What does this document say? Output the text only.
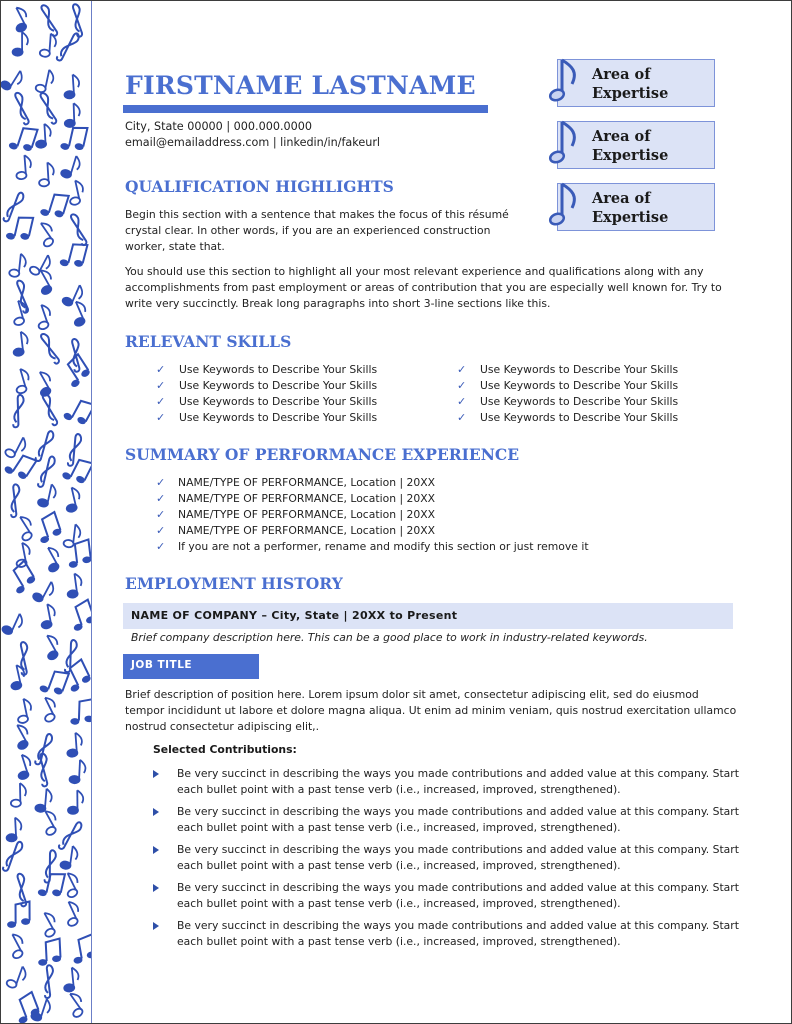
FIRSTNAME LASTNAME
City, State 00000 | 000.000.0000
email@emailaddress.com | linkedin/in/fakeurl
Area of
Expertise
Area of
Expertise
Area of
Expertise
QUALIFICATION HIGHLIGHTS
Begin this section with a sentence that makes the focus of this résumé
crystal clear. In other words, if you are an experienced construction
worker, state that.
You should use this section to highlight all your most relevant experience and qualifications along with any
accomplishments from past employment or areas of contribution that you are especially well known for. Try to
write very succinctly. Break long paragraphs into short 3-line sections like this.
RELEVANT SKILLS
✓ Use Keywords to Describe Your Skills
✓ Use Keywords to Describe Your Skills
✓ Use Keywords to Describe Your Skills
✓ Use Keywords to Describe Your Skills
✓ Use Keywords to Describe Your Skills
✓ Use Keywords to Describe Your Skills
✓ Use Keywords to Describe Your Skills
✓ Use Keywords to Describe Your Skills
SUMMARY OF PERFORMANCE EXPERIENCE
✓ NAME/TYPE OF PERFORMANCE, Location | 20XX
✓ NAME/TYPE OF PERFORMANCE, Location | 20XX
✓ NAME/TYPE OF PERFORMANCE, Location | 20XX
✓ NAME/TYPE OF PERFORMANCE, Location | 20XX
✓ If you are not a performer, rename and modify this section or just remove it
EMPLOYMENT HISTORY
NAME OF COMPANY – City, State | 20XX to Present
Brief company description here. This can be a good place to work in industry-related keywords.
JOB TITLE
Brief description of position here. Lorem ipsum dolor sit amet, consectetur adipiscing elit, sed do eiusmod
tempor incididunt ut labore et dolore magna aliqua. Ut enim ad minim veniam, quis nostrud exercitation ullamco
nostrud consectetur adipiscing elit,.
Selected Contributions:
Be very succinct in describing the ways you made contributions and added value at this company. Start
each bullet point with a past tense verb (i.e., increased, improved, strengthened).
Be very succinct in describing the ways you made contributions and added value at this company. Start
each bullet point with a past tense verb (i.e., increased, improved, strengthened).
Be very succinct in describing the ways you made contributions and added value at this company. Start
each bullet point with a past tense verb (i.e., increased, improved, strengthened).
Be very succinct in describing the ways you made contributions and added value at this company. Start
each bullet point with a past tense verb (i.e., increased, improved, strengthened).
Be very succinct in describing the ways you made contributions and added value at this company. Start
each bullet point with a past tense verb (i.e., increased, improved, strengthened).
